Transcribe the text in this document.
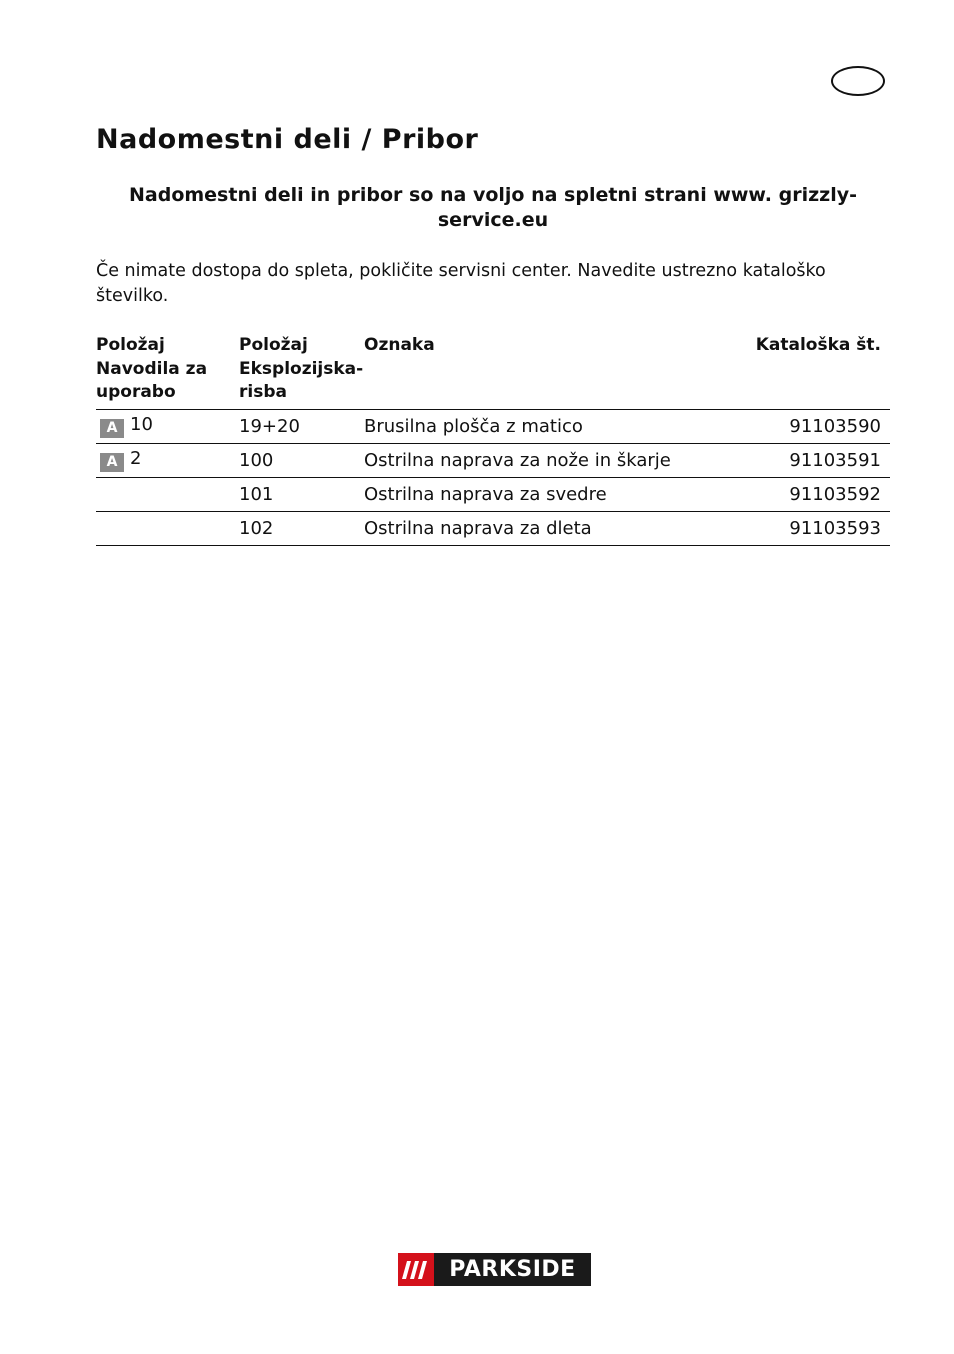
Nadomestni deli / Pribor
Nadomestni deli in pribor so na voljo na spletni strani www. grizzly-service.eu
Če nimate dostopa do spleta, pokličite servisni center. Navedite ustrezno kataloško številko.
Položaj Navodila za uporabo	Položaj Eksplozijska- risba	Oznaka	Kataloška št.
A 10	19+20	Brusilna plošča z matico	91103590
A 2	100	Ostrilna naprava za nože in škarje	91103591
	101	Ostrilna naprava za svedre	91103592
	102	Ostrilna naprava za dleta	91103593
PARKSIDE
